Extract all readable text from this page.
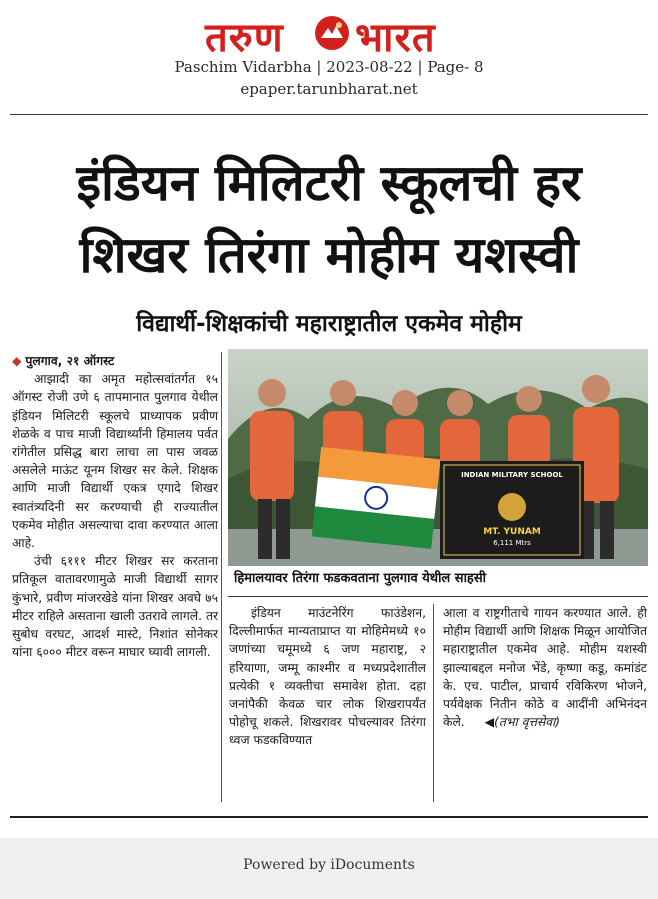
तरुण भारत
Paschim Vidarbha | 2023-08-22 | Page- 8
epaper.tarunbharat.net
इंडियन मिलिटरी स्कूलची हर
शिखर तिरंगा मोहीम यशस्वी
विद्यार्थी-शिक्षकांची महाराष्ट्रातील एकमेव मोहीम

◆ पुलगाव, २१ ऑगस्ट

आझादी का अमृत महोत्सवांतर्गत १५ ऑगस्ट रोजी उणे ६ तापमानात पुलगाव येथील इंडियन मिलिटरी स्कूलचे प्राध्यापक प्रवीण शेळके व पाच माजी विद्यार्थ्यांनी हिमालय पर्वत रांगेतील प्रसिद्ध बारा लाचा ला पास जवळ असलेले माऊंट यूनम शिखर सर केले. शिक्षक आणि माजी विद्यार्थी एकत्र एगादे शिखर स्वातंत्र्यदिनी सर करण्याची ही राज्यातील एकमेव मोहीत असल्याचा दावा करण्यात आला आहे.

उंची ६१११ मीटर शिखर सर करताना प्रतिकूल वातावरणामुळे माजी विद्यार्थी सागर कुंभारे, प्रवीण मांजरखेडे यांना शिखर अवघे ७५ मीटर राहिले असताना खाली उतरावे लागले. तर सुबोध वरघट, आदर्श मास्टे, निशांत सोनेकर यांना ६००० मीटर वरून माघार घ्यावी लागली.

INDIAN MILITARY SCHOOL
MT. YUNAM
6,111 Mtrs
हिमालयावर तिरंगा फडकवताना पुलगाव येथील साहसी

इंडियन माउंटनेरिंग फाउंडेशन, दिल्लीमार्फत मान्यताप्राप्त या मोहिमेमध्ये १० जणांच्या चमूमध्ये ६ जण महाराष्ट्र, २ हरियाणा, जम्मू काश्मीर व मध्यप्रदेशातील प्रत्येकी १ व्यक्तीचा समावेश होता. दहा जनांपैकी केवळ चार लोक शिखरापर्यंत पोहोचू शकले. शिखरावर पोचल्यावर तिरंगा ध्वज फडकविण्यात

आला व राष्ट्रगीताचे गायन करण्यात आले. ही मोहीम विद्यार्थी आणि शिक्षक मिळून आयोजित महाराष्ट्रातील एकमेव आहे. मोहीम यशस्वी झाल्याबद्दल मनोज भेंडे, कृष्णा कडू, कमांडंट के. एच. पाटील, प्राचार्य रविकिरण भोजने, पर्यवेक्षक नितीन कोठे व आदींनी अभिनंदन केले. ◀(तभा वृत्तसेवा)

Powered by iDocuments
